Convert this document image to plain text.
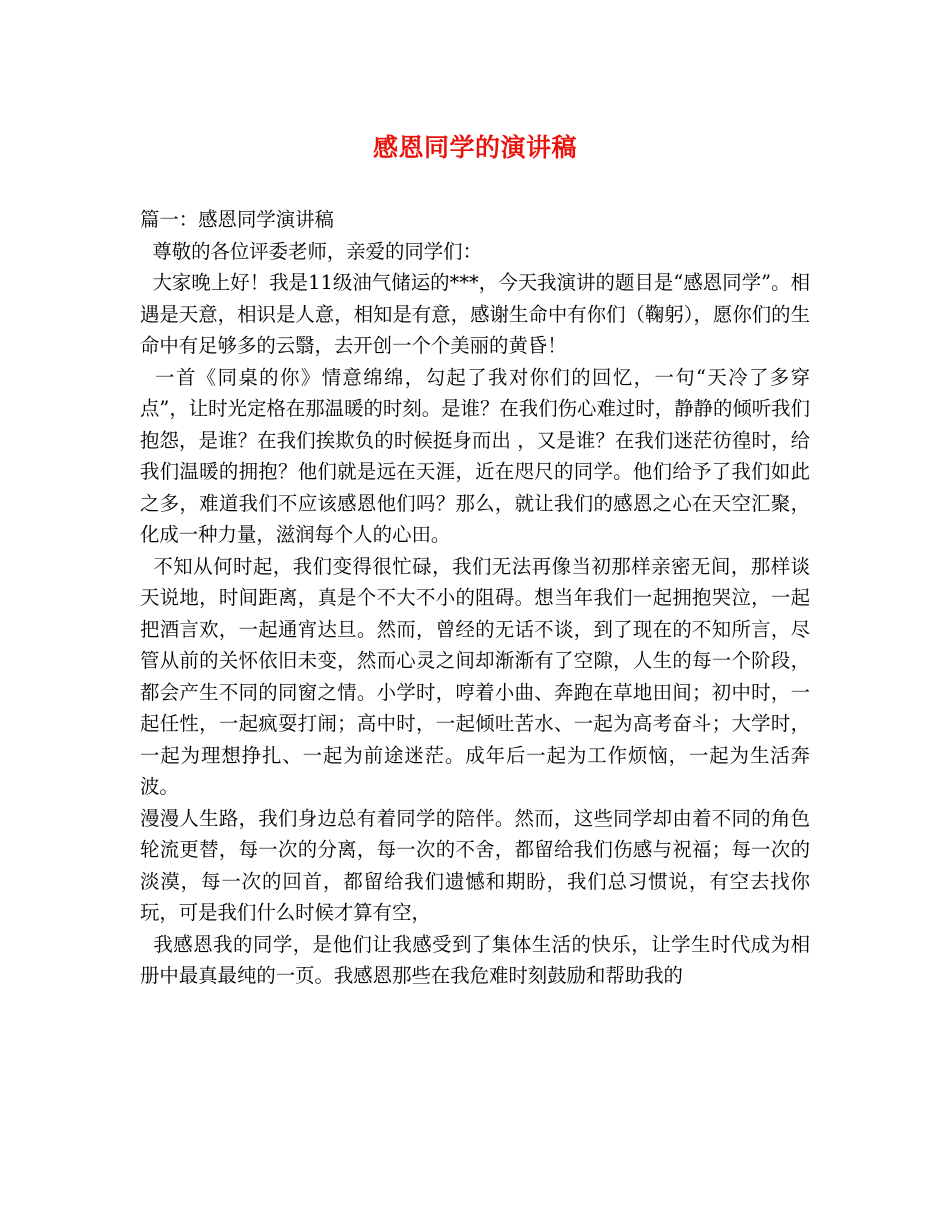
感恩同学的演讲稿

篇一：感恩同学演讲稿

尊敬的各位评委老师，亲爱的同学们：

大家晚上好！我是11级油气储运的***，今天我演讲的题目是“感恩同学”。相遇是天意，相识是人意，相知是有意，感谢生命中有你们（鞠躬），愿你们的生命中有足够多的云翳，去开创一个个美丽的黄昏！

一首《同桌的你》情意绵绵，勾起了我对你们的回忆，一句“天冷了多穿点”，让时光定格在那温暖的时刻。是谁？在我们伤心难过时，静静的倾听我们抱怨，是谁？在我们挨欺负的时候挺身而出 ，又是谁？在我们迷茫彷徨时，给我们温暖的拥抱？他们就是远在天涯，近在咫尺的同学。他们给予了我们如此之多，难道我们不应该感恩他们吗？那么，就让我们的感恩之心在天空汇聚，化成一种力量，滋润每个人的心田。

不知从何时起，我们变得很忙碌，我们无法再像当初那样亲密无间，那样谈天说地，时间距离，真是个不大不小的阻碍。想当年我们一起拥抱哭泣，一起把酒言欢，一起通宵达旦。然而，曾经的无话不谈，到了现在的不知所言，尽管从前的关怀依旧未变，然而心灵之间却渐渐有了空隙，人生的每一个阶段，都会产生不同的同窗之情。小学时，哼着小曲、奔跑在草地田间；初中时，一起任性，一起疯耍打闹；高中时，一起倾吐苦水、一起为高考奋斗；大学时，一起为理想挣扎、一起为前途迷茫。成年后一起为工作烦恼，一起为生活奔波。

漫漫人生路，我们身边总有着同学的陪伴。然而，这些同学却由着不同的角色轮流更替，每一次的分离，每一次的不舍，都留给我们伤感与祝福；每一次的淡漠，每一次的回首，都留给我们遗憾和期盼，我们总习惯说，有空去找你玩，可是我们什么时候才算有空，

我感恩我的同学，是他们让我感受到了集体生活的快乐，让学生时代成为相册中最真最纯的一页。我感恩那些在我危难时刻鼓励和帮助我的
